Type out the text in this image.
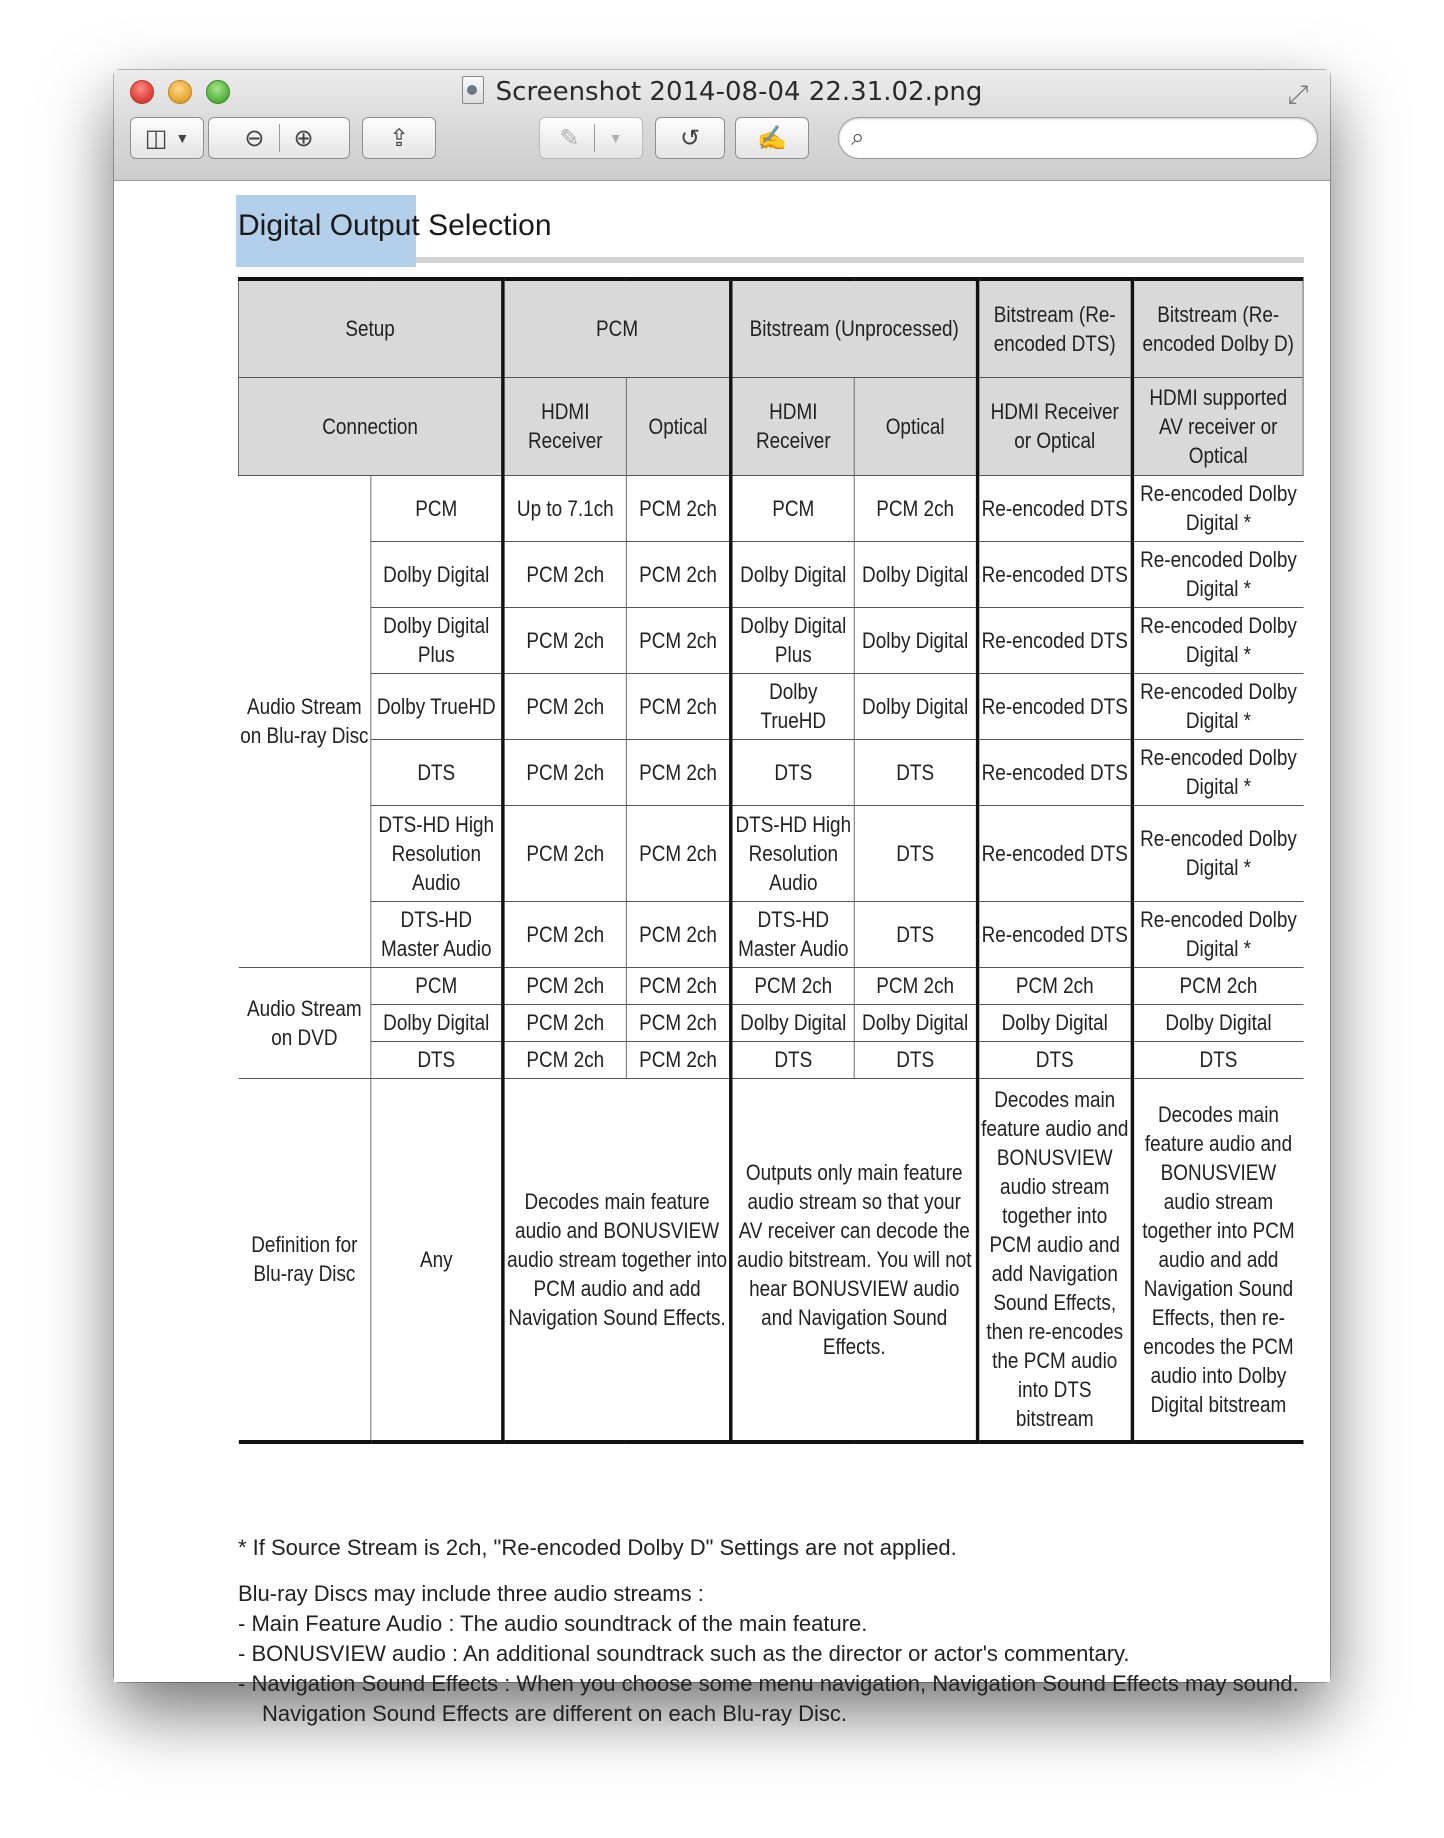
Screenshot 2014-08-04 22.31.02.png	⤢
◫ ▼ ⊖ ⊕	⇪	✎ ▼ ↺ ✍	⌕
Digital Output Selection
Setup		PCM		Bitstream (Unprocessed)		Bitstream (Re-encoded DTS)	Bitstream (Re-encoded Dolby D)
Connection		HDMI Receiver	Optical	HDMI Receiver	Optical	HDMI Receiver or Optical	HDMI supported AV receiver or Optical
Audio Stream on Blu-ray Disc	PCM	Up to 7.1ch	PCM 2ch	PCM	PCM 2ch	Re-encoded DTS	Re-encoded Dolby Digital *
	Dolby Digital	PCM 2ch	PCM 2ch	Dolby Digital	Dolby Digital	Re-encoded DTS	Re-encoded Dolby Digital *
	Dolby Digital Plus	PCM 2ch	PCM 2ch	Dolby Digital Plus	Dolby Digital	Re-encoded DTS	Re-encoded Dolby Digital *
	Dolby TrueHD	PCM 2ch	PCM 2ch	Dolby TrueHD	Dolby Digital	Re-encoded DTS	Re-encoded Dolby Digital *
	DTS	PCM 2ch	PCM 2ch	DTS	DTS	Re-encoded DTS	Re-encoded Dolby Digital *
	DTS-HD High Resolution Audio	PCM 2ch	PCM 2ch	DTS-HD High Resolution Audio	DTS	Re-encoded DTS	Re-encoded Dolby Digital *
	DTS-HD Master Audio	PCM 2ch	PCM 2ch	DTS-HD Master Audio	DTS	Re-encoded DTS	Re-encoded Dolby Digital *
Audio Stream on DVD	PCM	PCM 2ch	PCM 2ch	PCM 2ch	PCM 2ch	PCM 2ch	PCM 2ch
	Dolby Digital	PCM 2ch	PCM 2ch	Dolby Digital	Dolby Digital	Dolby Digital	Dolby Digital
	DTS	PCM 2ch	PCM 2ch	DTS	DTS	DTS	DTS
Definition for Blu-ray Disc	Any	Decodes main feature audio and BONUSVIEW audio stream together into PCM audio and add Navigation Sound Effects.		Outputs only main feature audio stream so that your AV receiver can decode the audio bitstream. You will not hear BONUSVIEW audio and Navigation Sound Effects.		Decodes main feature audio and BONUSVIEW audio stream together into PCM audio and add Navigation Sound Effects, then re-encodes the PCM audio into DTS bitstream	Decodes main feature audio and BONUSVIEW audio stream together into PCM audio and add Navigation Sound Effects, then re-encodes the PCM audio into Dolby Digital bitstream

* If Source Stream is 2ch, "Re-encoded Dolby D" Settings are not applied.

Blu-ray Discs may include three audio streams :

- Main Feature Audio : The audio soundtrack of the main feature.

- BONUSVIEW audio : An additional soundtrack such as the director or actor's commentary.

- Navigation Sound Effects : When you choose some menu navigation, Navigation Sound Effects may sound. Navigation Sound Effects are different on each Blu-ray Disc.
